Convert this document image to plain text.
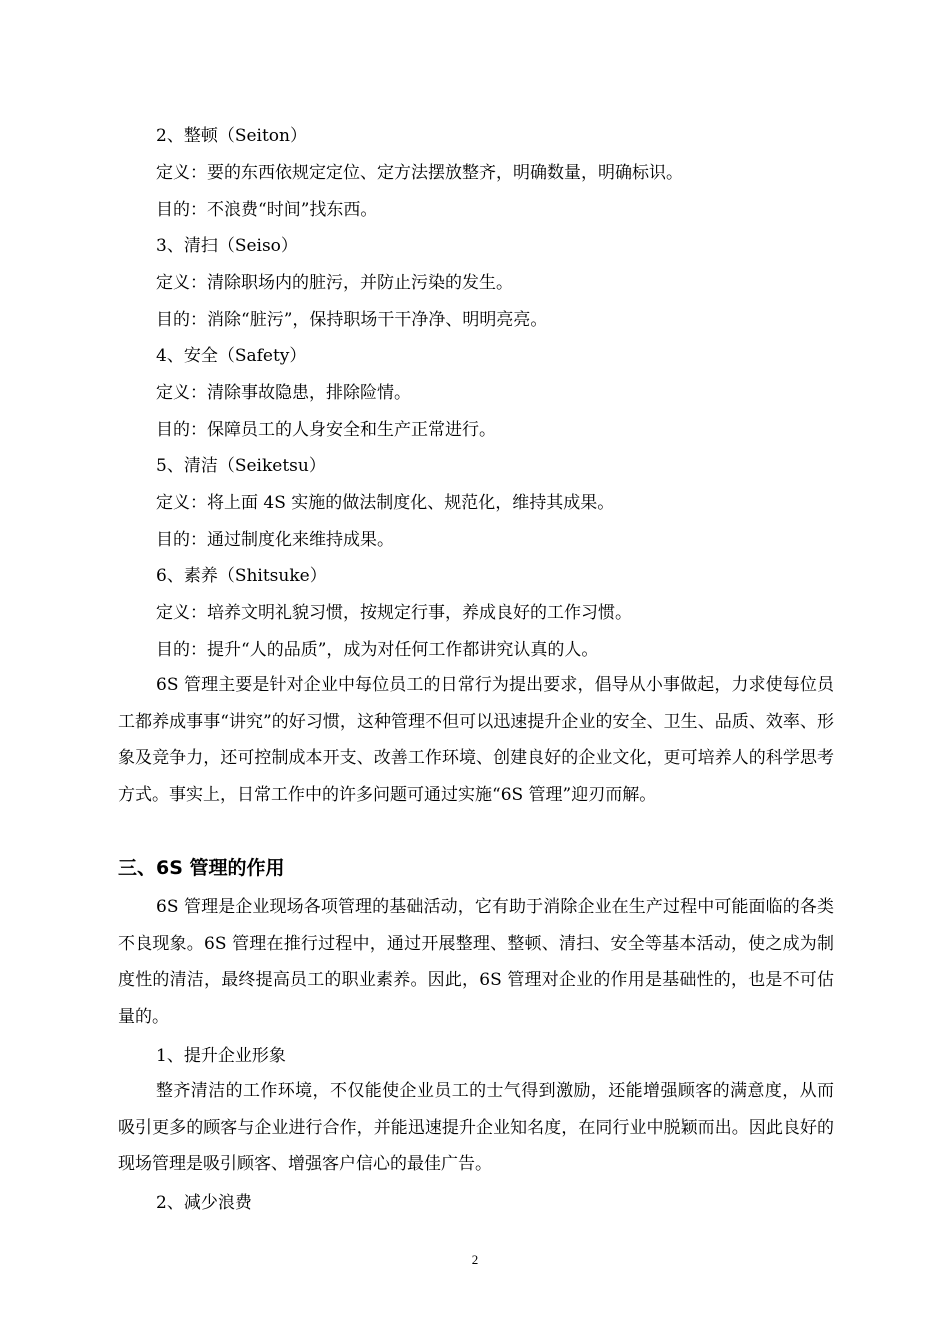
2、整顿（Seiton）
定义：要的东西依规定定位、定方法摆放整齐，明确数量，明确标识。
目的：不浪费“时间”找东西。
3、清扫（Seiso）
定义：清除职场内的脏污，并防止污染的发生。
目的：消除“脏污”，保持职场干干净净、明明亮亮。
4、安全（Safety）
定义：清除事故隐患，排除险情。
目的：保障员工的人身安全和生产正常进行。
5、清洁（Seiketsu）
定义：将上面 4S 实施的做法制度化、规范化，维持其成果。
目的：通过制度化来维持成果。
6、素养（Shitsuke）
定义：培养文明礼貌习惯，按规定行事，养成良好的工作习惯。
目的：提升“人的品质”，成为对任何工作都讲究认真的人。
6S 管理主要是针对企业中每位员工的日常行为提出要求，倡导从小事做起，力求使每位员工都养成事事“讲究”的好习惯，这种管理不但可以迅速提升企业的安全、卫生、品质、效率、形象及竞争力，还可控制成本开支、改善工作环境、创建良好的企业文化，更可培养人的科学思考方式。事实上，日常工作中的许多问题可通过实施“6S 管理”迎刃而解。
三、6S 管理的作用
6S 管理是企业现场各项管理的基础活动，它有助于消除企业在生产过程中可能面临的各类不良现象。6S 管理在推行过程中，通过开展整理、整顿、清扫、安全等基本活动，使之成为制度性的清洁，最终提高员工的职业素养。因此，6S 管理对企业的作用是基础性的，也是不可估量的。
1、提升企业形象
整齐清洁的工作环境，不仅能使企业员工的士气得到激励，还能增强顾客的满意度，从而吸引更多的顾客与企业进行合作，并能迅速提升企业知名度，在同行业中脱颖而出。因此良好的现场管理是吸引顾客、增强客户信心的最佳广告。
2、减少浪费
2
